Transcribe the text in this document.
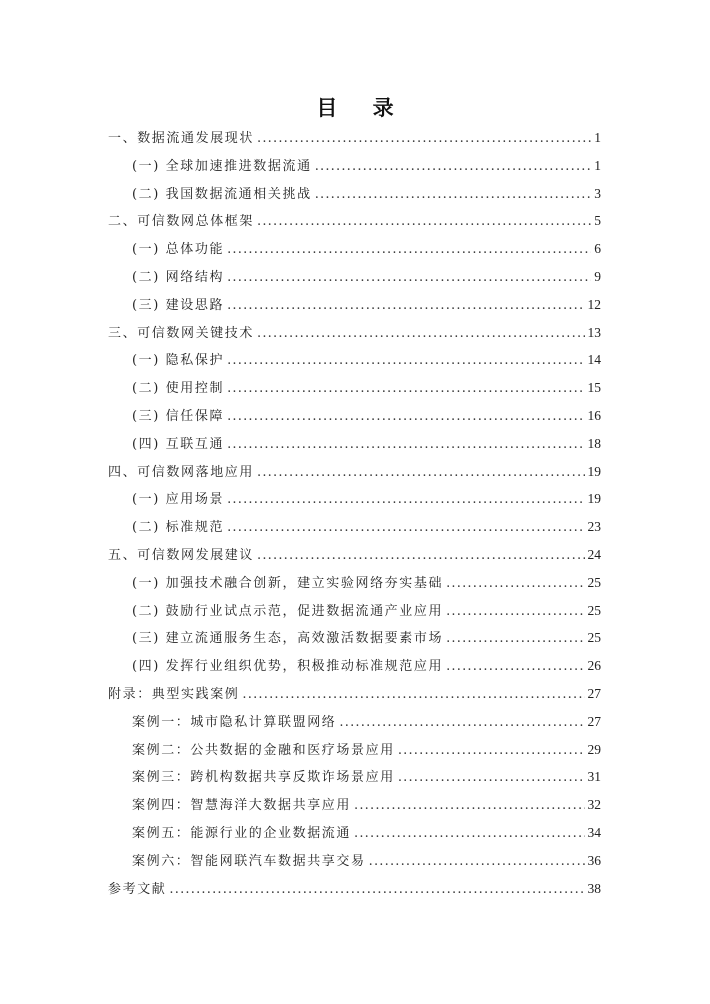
目 录
一、数据流通发展现状 .....	1
(一) 全球加速推进数据流通 .....	1
(二) 我国数据流通相关挑战 .....	3
二、可信数网总体框架 .....	5
(一) 总体功能 .....	6
(二) 网络结构 .....	9
(三) 建设思路 .....	12
三、可信数网关键技术 .....	13
(一) 隐私保护 .....	14
(二) 使用控制 .....	15
(三) 信任保障 .....	16
(四) 互联互通 .....	18
四、可信数网落地应用 .....	19
(一) 应用场景 .....	19
(二) 标准规范 .....	23
五、可信数网发展建议 .....	24
(一) 加强技术融合创新，建立实验网络夯实基础 .....	25
(二) 鼓励行业试点示范，促进数据流通产业应用 .....	25
(三) 建立流通服务生态，高效激活数据要素市场 .....	25
(四) 发挥行业组织优势，积极推动标准规范应用 .....	26
附录：典型实践案例 .....	27
案例一：城市隐私计算联盟网络 .....	27
案例二：公共数据的金融和医疗场景应用 .....	29
案例三：跨机构数据共享反欺诈场景应用 .....	31
案例四：智慧海洋大数据共享应用 .....	32
案例五：能源行业的企业数据流通 .....	34
案例六：智能网联汽车数据共享交易 .....	36
参考文献 .....	38
